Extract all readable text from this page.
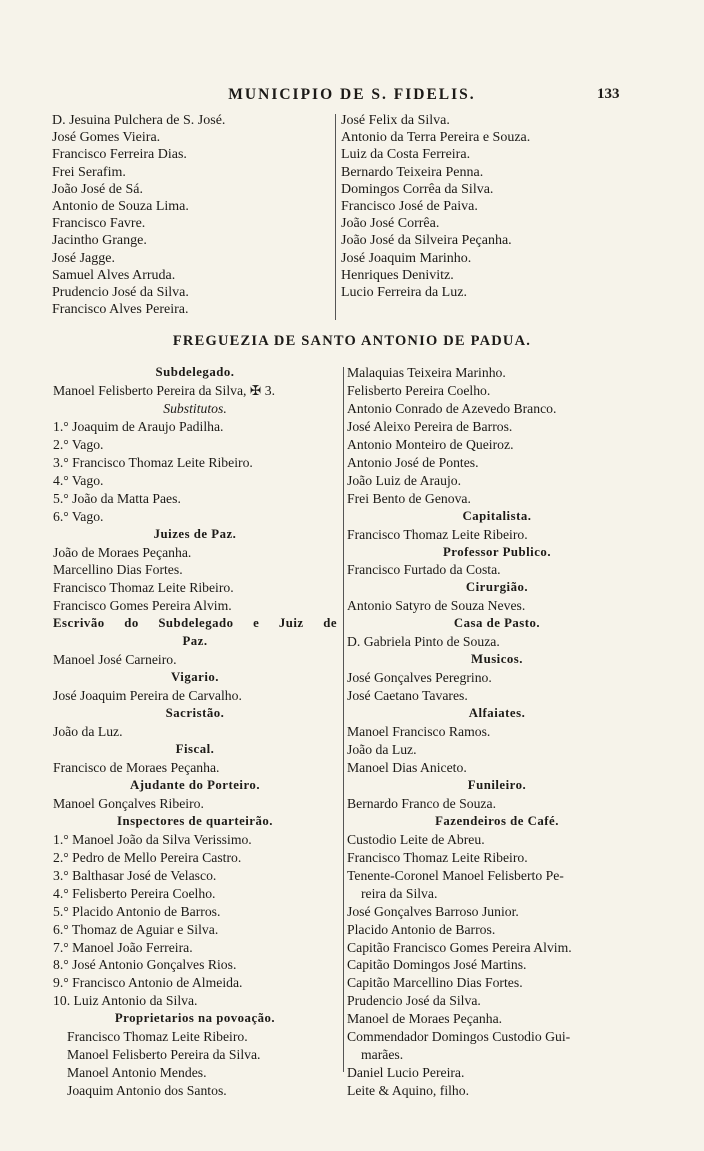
MUNICIPIO DE S. FIDELIS.	133
D. Jesuina Pulchera de S. José.
José Gomes Vieira.
Francisco Ferreira Dias.
Frei Serafim.
João José de Sá.
Antonio de Souza Lima.
Francisco Favre.
Jacintho Grange.
José Jagge.
Samuel Alves Arruda.
Prudencio José da Silva.
Francisco Alves Pereira.
José Felix da Silva.
Antonio da Terra Pereira e Souza.
Luiz da Costa Ferreira.
Bernardo Teixeira Penna.
Domingos Corrêa da Silva.
Francisco José de Paiva.
João José Corrêa.
João José da Silveira Peçanha.
José Joaquim Marinho.
Henriques Denivitz.
Lucio Ferreira da Luz.
FREGUEZIA DE SANTO ANTONIO DE PADUA.
Subdelegado.
Manoel Felisberto Pereira da Silva, ✠ 3.
Substitutos.
1.° Joaquim de Araujo Padilha.
2.° Vago.
3.° Francisco Thomaz Leite Ribeiro.
4.° Vago.
5.° João da Matta Paes.
6.° Vago.
Juizes de Paz.
João de Moraes Peçanha.
Marcellino Dias Fortes.
Francisco Thomaz Leite Ribeiro.
Francisco Gomes Pereira Alvim.
Escrivão do Subdelegado e Juiz de
Paz.
Manoel José Carneiro.
Vigario.
José Joaquim Pereira de Carvalho.
Sacristão.
João da Luz.
Fiscal.
Francisco de Moraes Peçanha.
Ajudante do Porteiro.
Manoel Gonçalves Ribeiro.
Inspectores de quarteirão.
1.° Manoel João da Silva Verissimo.
2.° Pedro de Mello Pereira Castro.
3.° Balthasar José de Velasco.
4.° Felisberto Pereira Coelho.
5.° Placido Antonio de Barros.
6.° Thomaz de Aguiar e Silva.
7.° Manoel João Ferreira.
8.° José Antonio Gonçalves Rios.
9.° Francisco Antonio de Almeida.
10. Luiz Antonio da Silva.
Proprietarios na povoação.
Francisco Thomaz Leite Ribeiro.
Manoel Felisberto Pereira da Silva.
Manoel Antonio Mendes.
Joaquim Antonio dos Santos.
Malaquias Teixeira Marinho.
Felisberto Pereira Coelho.
Antonio Conrado de Azevedo Branco.
José Aleixo Pereira de Barros.
Antonio Monteiro de Queiroz.
Antonio José de Pontes.
João Luiz de Araujo.
Frei Bento de Genova.
Capitalista.
Francisco Thomaz Leite Ribeiro.
Professor Publico.
Francisco Furtado da Costa.
Cirurgião.
Antonio Satyro de Souza Neves.
Casa de Pasto.
D. Gabriela Pinto de Souza.
Musicos.
José Gonçalves Peregrino.
José Caetano Tavares.
Alfaiates.
Manoel Francisco Ramos.
João da Luz.
Manoel Dias Aniceto.
Funileiro.
Bernardo Franco de Souza.
Fazendeiros de Café.
Custodio Leite de Abreu.
Francisco Thomaz Leite Ribeiro.
Tenente-Coronel Manoel Felisberto Pe-
reira da Silva.
José Gonçalves Barroso Junior.
Placido Antonio de Barros.
Capitão Francisco Gomes Pereira Alvim.
Capitão Domingos José Martins.
Capitão Marcellino Dias Fortes.
Prudencio José da Silva.
Manoel de Moraes Peçanha.
Commendador Domingos Custodio Gui-
marães.
Daniel Lucio Pereira.
Leite & Aquino, filho.
